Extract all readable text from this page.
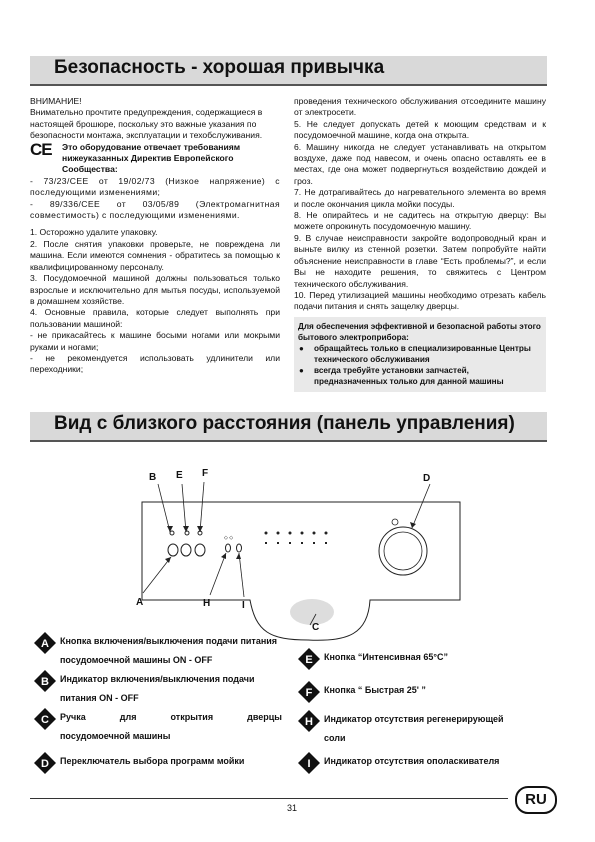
Безопасность - хорошая привычка

ВНИМАНИЕ!

Внимательно прочтите предупреждения, содержащиеся в настоящей брошюре, поскольку это важные указания по безопасности монтажа, эксплуатации и техобслуживания.

CE Это оборудование отвечает требованиям нижеуказанных Директив Европейского Сообщества:

- 73/23/CEE от 19/02/73 (Низкое напряжение) с последующими изменениями;

- 89/336/CEE от 03/05/89 (Электромагнитная совместимость) с последующими изменениями.

1. Осторожно удалите упаковку.

2. После снятия упаковки проверьте, не повреждена ли машина. Если имеются сомнения - обратитесь за помощью к квалифицированному персоналу.

3. Посудомоечной машиной должны пользоваться только взрослые и исключительно для мытья посуды, используемой в домашнем хозяйстве.

4. Основные правила, которые следует выполнять при пользовании машиной:

- не прикасайтесь к машине босыми ногами или мокрыми руками и ногами;

- не рекомендуется использовать удлинители или переходники;

проведения технического обслуживания отсоедините машину от электросети.

5. Не следует допускать детей к моющим средствам и к посудомоечной машине, когда она открыта.

6. Машину никогда не следует устанавливать на открытом воздухе, даже под навесом, и очень опасно оставлять ее в местах, где она может подвергнуться воздействию дождей и гроз.

7. Не дотрагивайтесь до нагревательного элемента во время и после окончания цикла мойки посуды.

8. Не опирайтесь и не садитесь на открытую дверцу: Вы можете опрокинуть посудомоечную машину.

9. В случае неисправности закройте водопроводный кран и выньте вилку из стенной розетки. Затем попробуйте найти объяснение неисправности в главе “Есть проблемы?”, и если Вы не находите решения, то свяжитесь с Центром технического обслуживания.

10. Перед утилизацией машины необходимо отрезать кабель подачи питания и снять защелку дверцы.

Для обеспечения эффективной и безопасной работы этого бытового электроприбора:
● обращайтесь только в специализированные Центры технического обслуживания
● всегда требуйте установки запчастей, предназначенных только для данной машины
Вид с близкого расстояния (панель управления)
◇ ◇
B E F	D
A	H	I
C
A Кнопка включения/выключения подачи питания посудомоечной машины ON - OFF
B Индикатор включения/выключения подачи питания ON - OFF
C Ручка	для	открытия	дверцы
посудомоечной машины
D Переключатель выбора программ мойки
E Кнопка “Интенсивная 65°C”
F Кнопка “ Быстрая 25' ”
H Индикатор отсутствия регенерирующей соли
I Индикатор отсутствия ополаскивателя
31	RU
